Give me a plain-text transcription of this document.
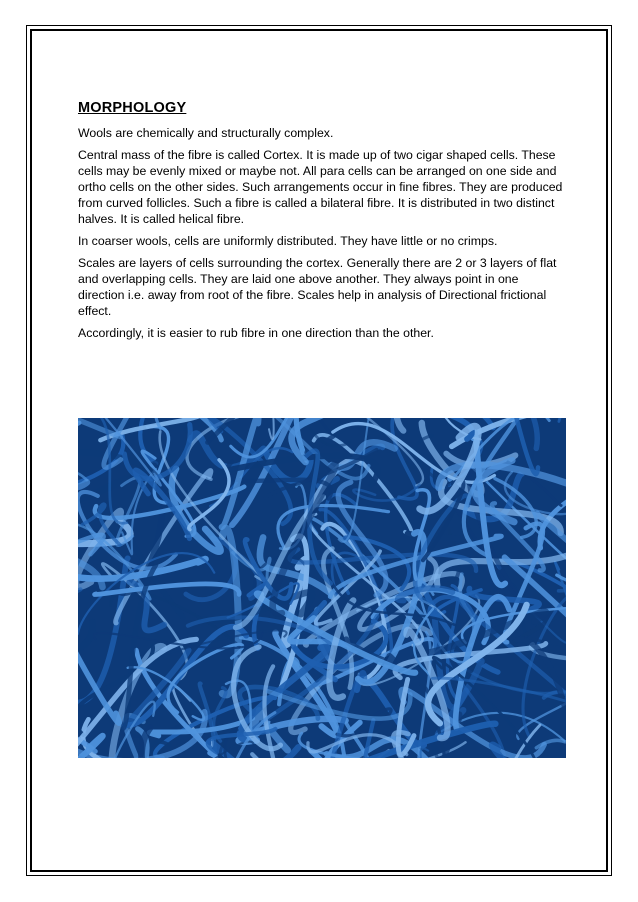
MORPHOLOGY

Wools are chemically and structurally complex.

Central mass of the fibre is called Cortex. It is made up of two cigar shaped cells. These cells may be evenly mixed or maybe not. All para cells can be arranged on one side and ortho cells on the other sides. Such arrangements occur in fine fibres. They are produced from curved follicles. Such a fibre is called a bilateral fibre. It is distributed in two distinct halves. It is called helical fibre.

In coarser wools, cells are uniformly distributed. They have little or no crimps.

Scales are layers of cells surrounding the cortex. Generally there are 2 or 3 layers of flat and overlapping cells. They are laid one above another. They always point in one direction i.e. away from root of the fibre. Scales help in analysis of Directional frictional effect.

Accordingly, it is easier to rub fibre in one direction than the other.
